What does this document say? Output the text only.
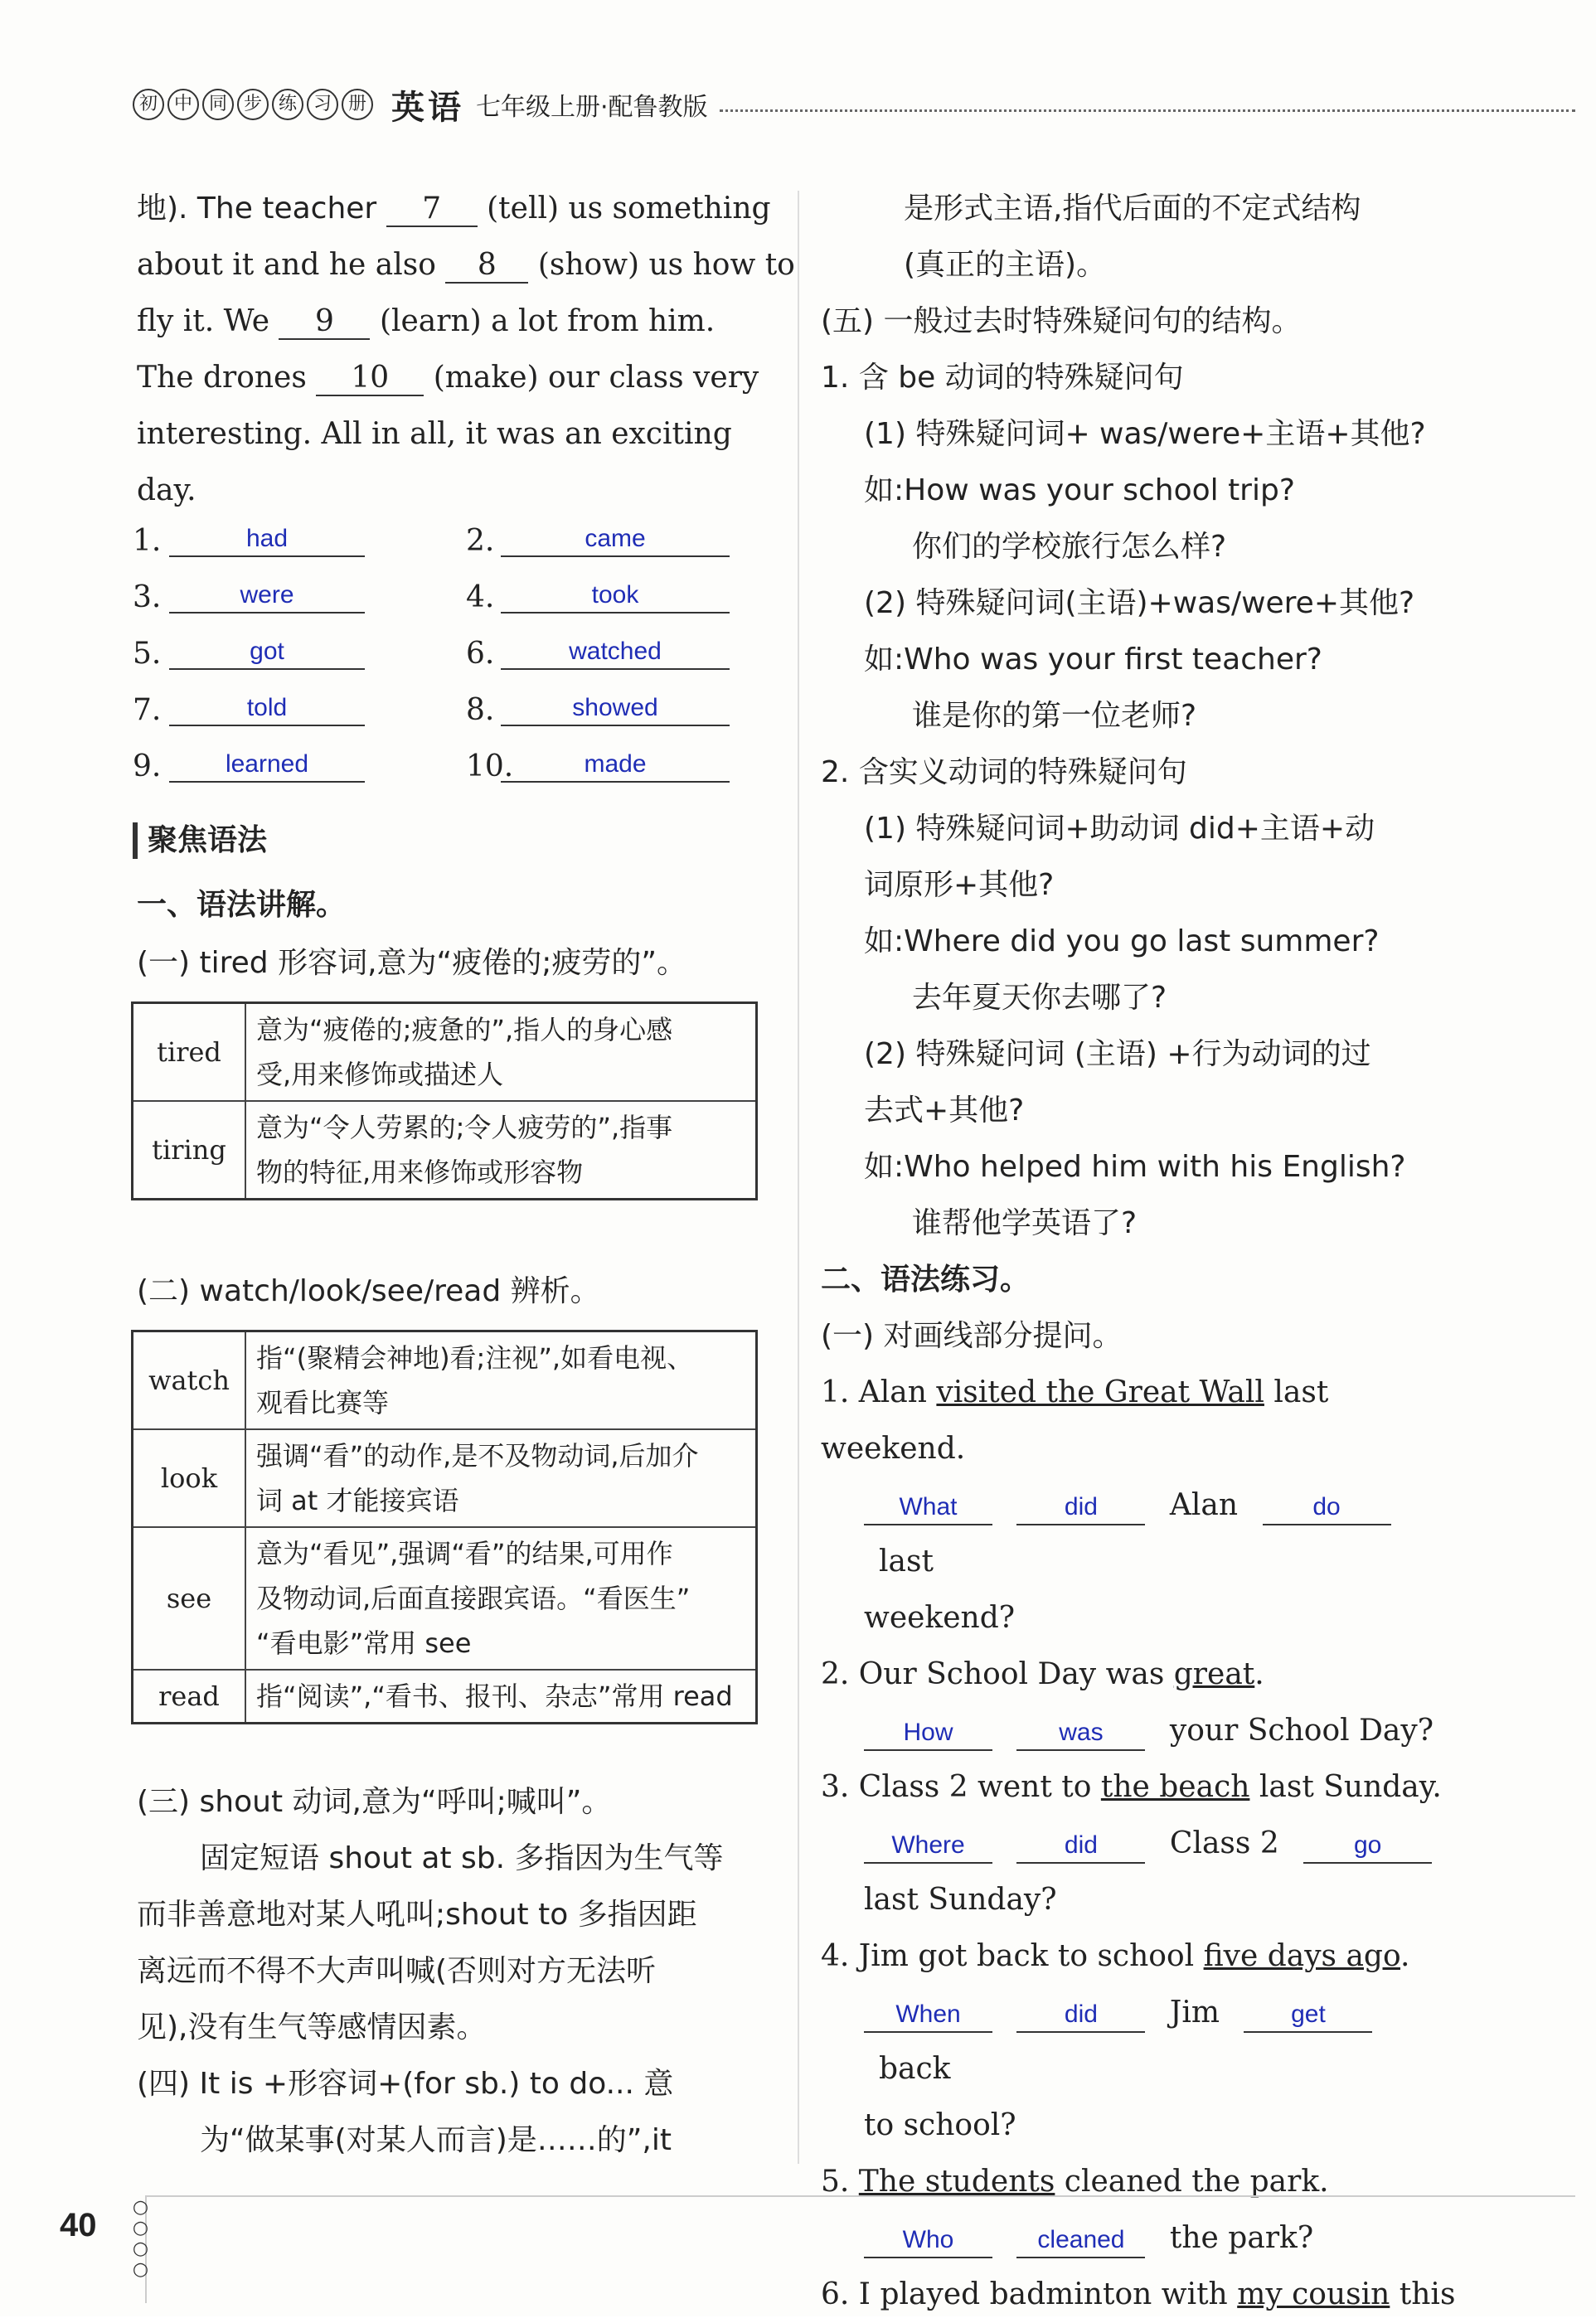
初 中 同 步 练 习 册 英语 七年级上册·配鲁教版
地). The teacher 7 (tell) us something
about it and he also 8 (show) us how to
fly it. We 9 (learn) a lot from him.
The drones 10 (make) our class very
interesting. All in all, it was an exciting
day.
1.	had	2.	came
3.	were	4.	took
5.	got	6.	watched
7.	told	8.	showed
9.	learned	10.	made
聚焦语法
一、语法讲解。
(一) tired 形容词,意为“疲倦的;疲劳的”。
tired	意为“疲倦的;疲惫的”,指人的身心感
受,用来修饰或描述人

tiring	意为“令人劳累的;令人疲劳的”,指事
物的特征,用来修饰或形容物
(二) watch/look/see/read 辨析。
watch	指“(聚精会神地)看;注视”,如看电视、
观看比赛等

look	强调“看”的动作,是不及物动词,后加介
词 at 才能接宾语

see	意为“看见”,强调“看”的结果,可用作
及物动词,后面直接跟宾语。“看医生”
“看电影”常用 see

read	指“阅读”,“看书、报刊、杂志”常用 read
(三) shout 动词,意为“呼叫;喊叫”。
固定短语 shout at sb. 多指因为生气等
而非善意地对某人吼叫;shout to 多指因距
离远而不得不大声叫喊(否则对方无法听
见),没有生气等感情因素。
(四) It is +形容词+(for sb.) to do... 意
为“做某事(对某人而言)是……的”,it
是形式主语,指代后面的不定式结构
(真正的主语)。
(五) 一般过去时特殊疑问句的结构。
1. 含 be 动词的特殊疑问句
(1) 特殊疑问词+ was/were+主语+其他?
如:How was your school trip?
你们的学校旅行怎么样?
(2) 特殊疑问词(主语)+was/were+其他?
如:Who was your first teacher?
谁是你的第一位老师?
2. 含实义动词的特殊疑问句
(1) 特殊疑问词+助动词 did+主语+动
词原形+其他?
如:Where did you go last summer?
去年夏天你去哪了?
(2) 特殊疑问词 (主语) +行为动词的过
去式+其他?
如:Who helped him with his English?
谁帮他学英语了?
二、语法练习。
(一) 对画线部分提问。
1. Alan visited the Great Wall last weekend.
What	did Alan	do last
weekend?
2. Our School Day was great.
How	was your School Day?
3. Class 2 went to the beach last Sunday.
Where	did Class 2	go
last Sunday?
4. Jim got back to school five days ago.
When	did Jim	get back
to school?
5. The students cleaned the park.
Who	cleaned the park?
6. I played badminton with my cousin this
○○○○
40
